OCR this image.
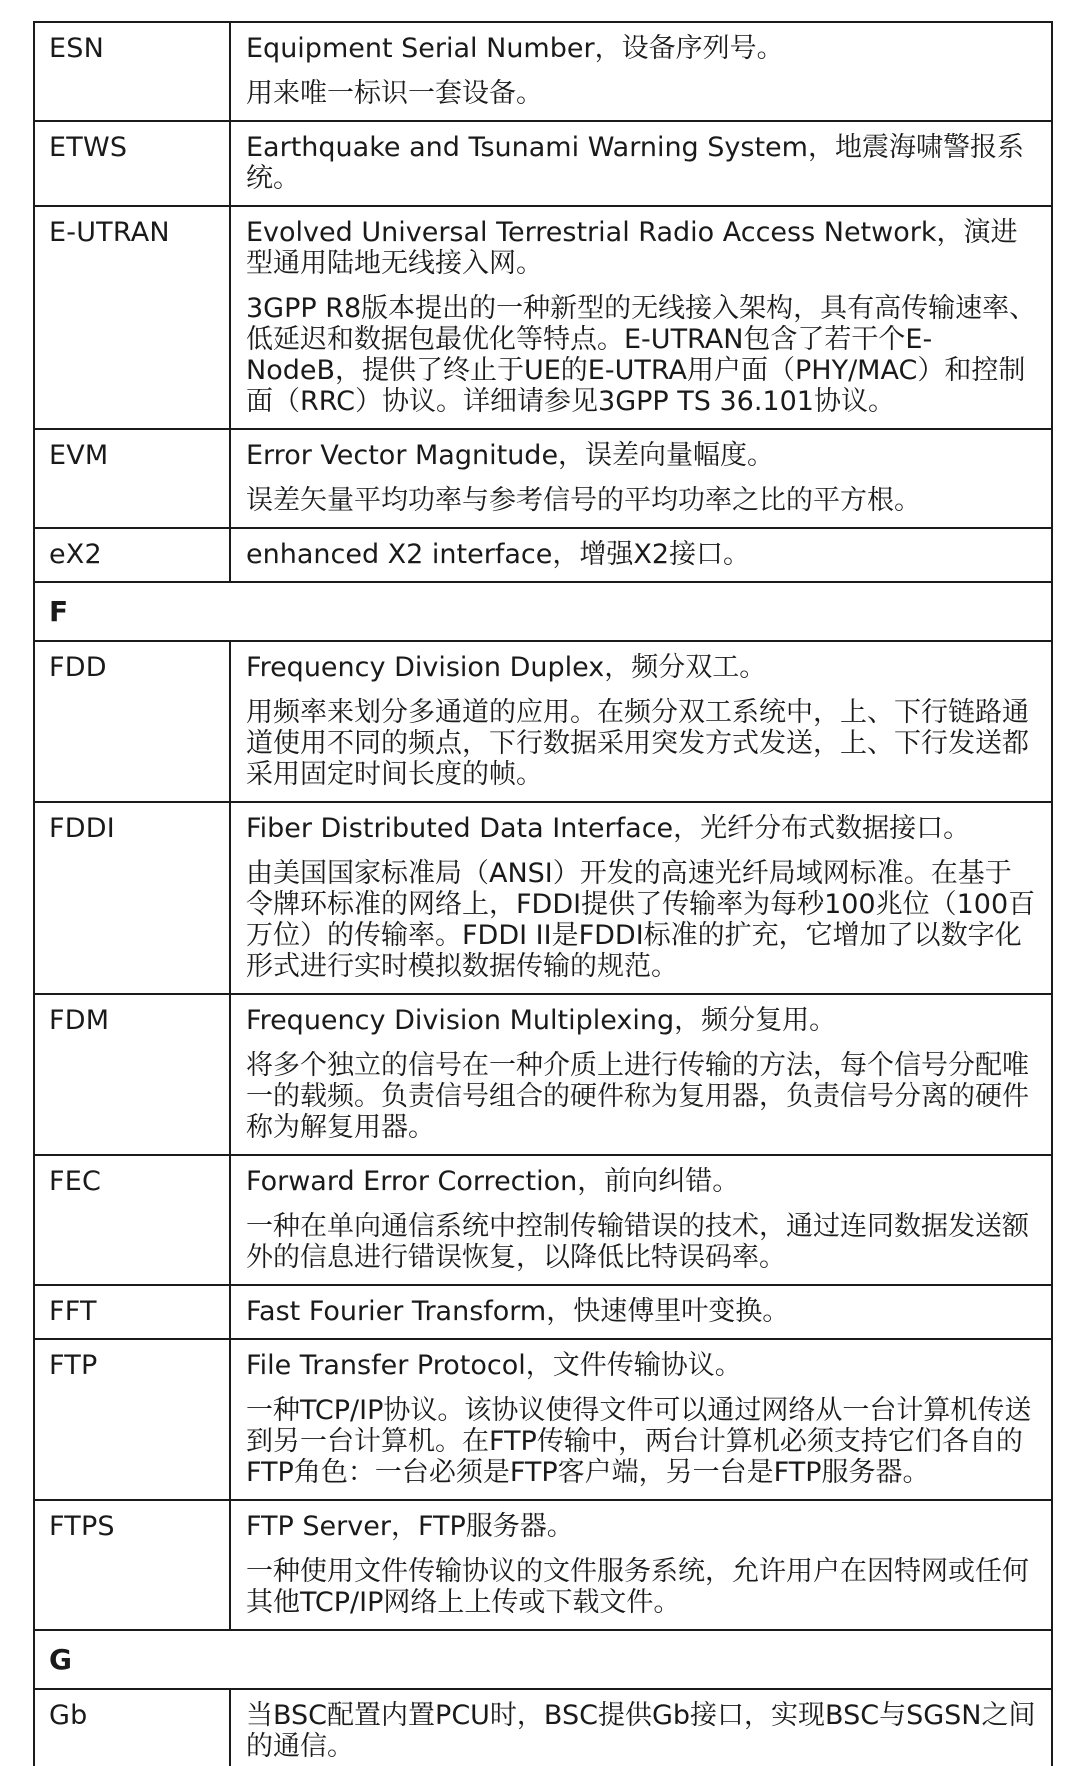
ESN	Equipment Serial Number，设备序列号。

用来唯一标识一套设备。

ETWS	Earthquake and Tsunami Warning System，地震海啸警报系统。

E-UTRAN	Evolved Universal Terrestrial Radio Access Network，演进型通用陆地无线接入网。

3GPP R8版本提出的一种新型的无线接入架构，具有高传输速率、低延迟和数据包最优化等特点。E-UTRAN包含了若干个E-NodeB，提供了终止于UE的E-UTRA用户面（PHY/MAC）和控制面（RRC）协议。详细请参见3GPP TS 36.101协议。

EVM	Error Vector Magnitude，误差向量幅度。

误差矢量平均功率与参考信号的平均功率之比的平方根。

eX2	enhanced X2 interface，增强X2接口。

F	
FDD	Frequency Division Duplex，频分双工。

用频率来划分多通道的应用。在频分双工系统中，上、下行链路通道使用不同的频点，下行数据采用突发方式发送，上、下行发送都采用固定时间长度的帧。

FDDI	Fiber Distributed Data Interface，光纤分布式数据接口。

由美国国家标准局（ANSI）开发的高速光纤局域网标准。在基于令牌环标准的网络上，FDDI提供了传输率为每秒100兆位（100百万位）的传输率。FDDI II是FDDI标准的扩充，它增加了以数字化形式进行实时模拟数据传输的规范。

FDM	Frequency Division Multiplexing，频分复用。

将多个独立的信号在一种介质上进行传输的方法，每个信号分配唯一的载频。负责信号组合的硬件称为复用器，负责信号分离的硬件称为解复用器。

FEC	Forward Error Correction，前向纠错。

一种在单向通信系统中控制传输错误的技术，通过连同数据发送额外的信息进行错误恢复，以降低比特误码率。

FFT	Fast Fourier Transform，快速傅里叶变换。

FTP	File Transfer Protocol，文件传输协议。

一种TCP/IP协议。该协议使得文件可以通过网络从一台计算机传送到另一台计算机。在FTP传输中，两台计算机必须支持它们各自的FTP角色：一台必须是FTP客户端，另一台是FTP服务器。

FTPS	FTP Server，FTP服务器。

一种使用文件传输协议的文件服务系统，允许用户在因特网或任何其他TCP/IP网络上上传或下载文件。

G	
Gb	当BSC配置内置PCU时，BSC提供Gb接口，实现BSC与SGSN之间的通信。
